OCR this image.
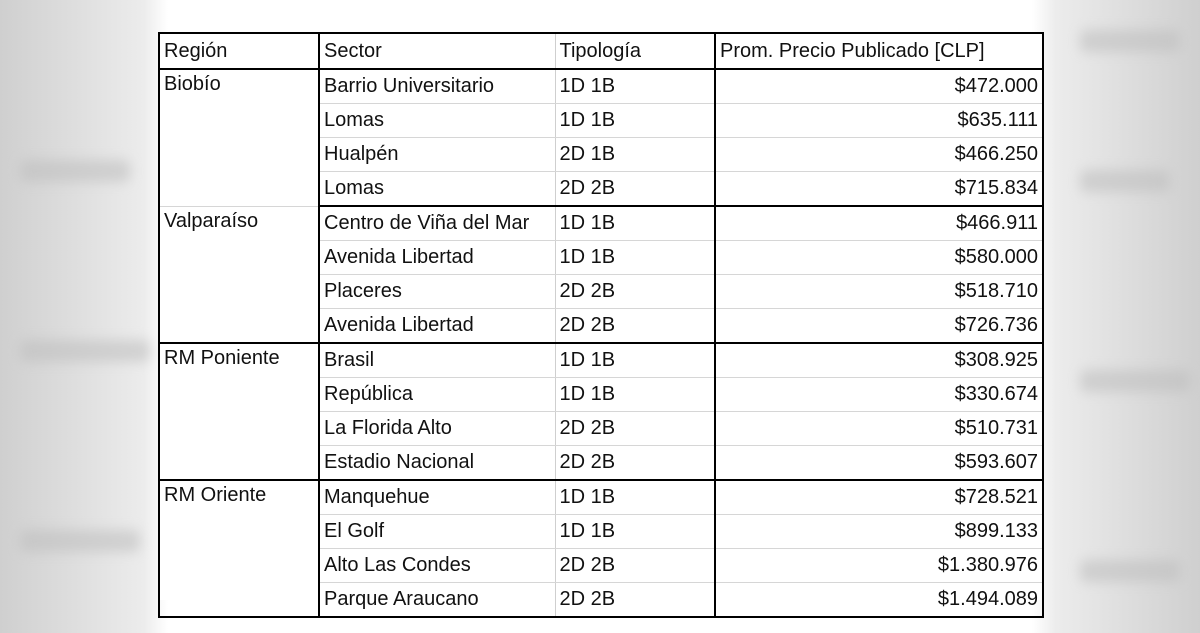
Región	Sector	Tipología	Prom. Precio Publicado [CLP]
Biobío	Barrio Universitario	1D 1B	$472.000
	Lomas	1D 1B	$635.111
	Hualpén	2D 1B	$466.250
	Lomas	2D 2B	$715.834
Valparaíso	Centro de Viña del Mar	1D 1B	$466.911
	Avenida Libertad	1D 1B	$580.000
	Placeres	2D 2B	$518.710
	Avenida Libertad	2D 2B	$726.736
RM Poniente	Brasil	1D 1B	$308.925
	República	1D 1B	$330.674
	La Florida Alto	2D 2B	$510.731
	Estadio Nacional	2D 2B	$593.607
RM Oriente	Manquehue	1D 1B	$728.521
	El Golf	1D 1B	$899.133
	Alto Las Condes	2D 2B	$1.380.976
	Parque Araucano	2D 2B	$1.494.089
